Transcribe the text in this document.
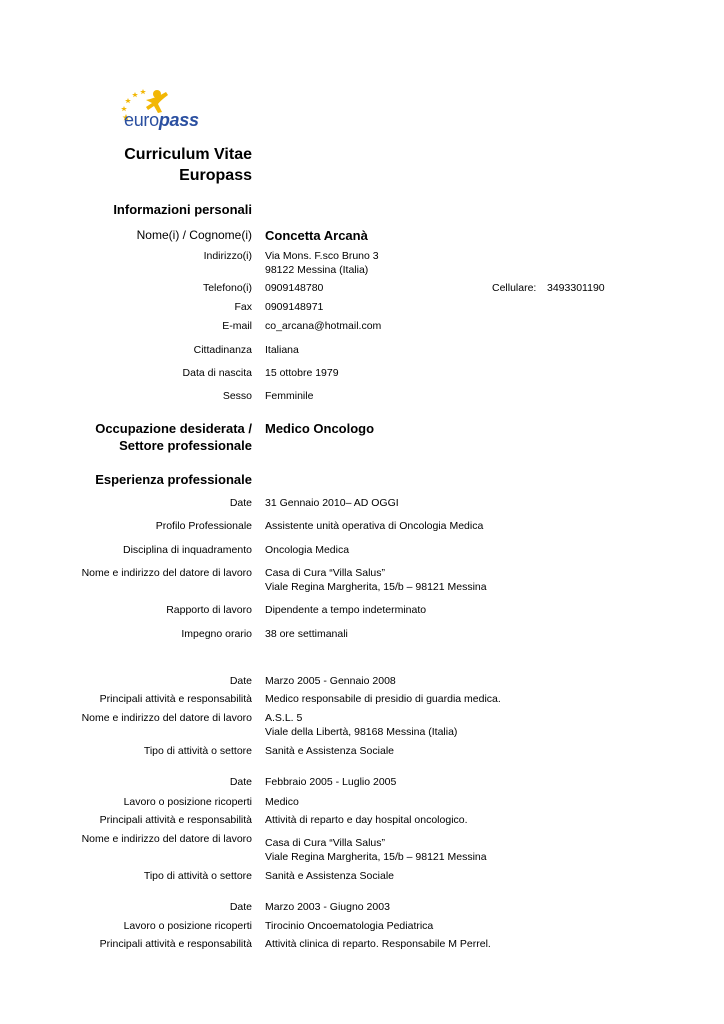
europass
Curriculum Vitae
Europass
Informazioni personali
Nome(i) / Cognome(i) Concetta Arcanà
Indirizzo(i) Via Mons. F.sco Bruno 3
98122 Messina (Italia)
Telefono(i) 0909148780	Cellulare: 3493301190
Fax 0909148971
E-mail co_arcana@hotmail.com
Cittadinanza Italiana
Data di nascita 15 ottobre 1979
Sesso Femminile
Occupazione desiderata /
Settore professionale
Medico Oncologo
Esperienza professionale
Date 31 Gennaio 2010– AD OGGI
Profilo Professionale Assistente unità operativa di Oncologia Medica
Disciplina di inquadramento Oncologia Medica
Nome e indirizzo del datore di lavoro Casa di Cura “Villa Salus”
Viale Regina Margherita, 15/b – 98121 Messina
Rapporto di lavoro Dipendente a tempo indeterminato
Impegno orario 38 ore settimanali
Date Marzo 2005 - Gennaio 2008
Principali attività e responsabilità Medico responsabile di presidio di guardia medica.
Nome e indirizzo del datore di lavoro A.S.L. 5
Viale della Libertà, 98168 Messina (Italia)
Tipo di attività o settore Sanità e Assistenza Sociale
Date Febbraio 2005 - Luglio 2005
Lavoro o posizione ricoperti Medico
Principali attività e responsabilità Attività di reparto e day hospital oncologico.
Nome e indirizzo del datore di lavoro Casa di Cura “Villa Salus”
Viale Regina Margherita, 15/b – 98121 Messina
Tipo di attività o settore Sanità e Assistenza Sociale
Date Marzo 2003 - Giugno 2003
Lavoro o posizione ricoperti Tirocinio Oncoematologia Pediatrica
Principali attività e responsabilità Attività clinica di reparto. Responsabile M Perrel.
